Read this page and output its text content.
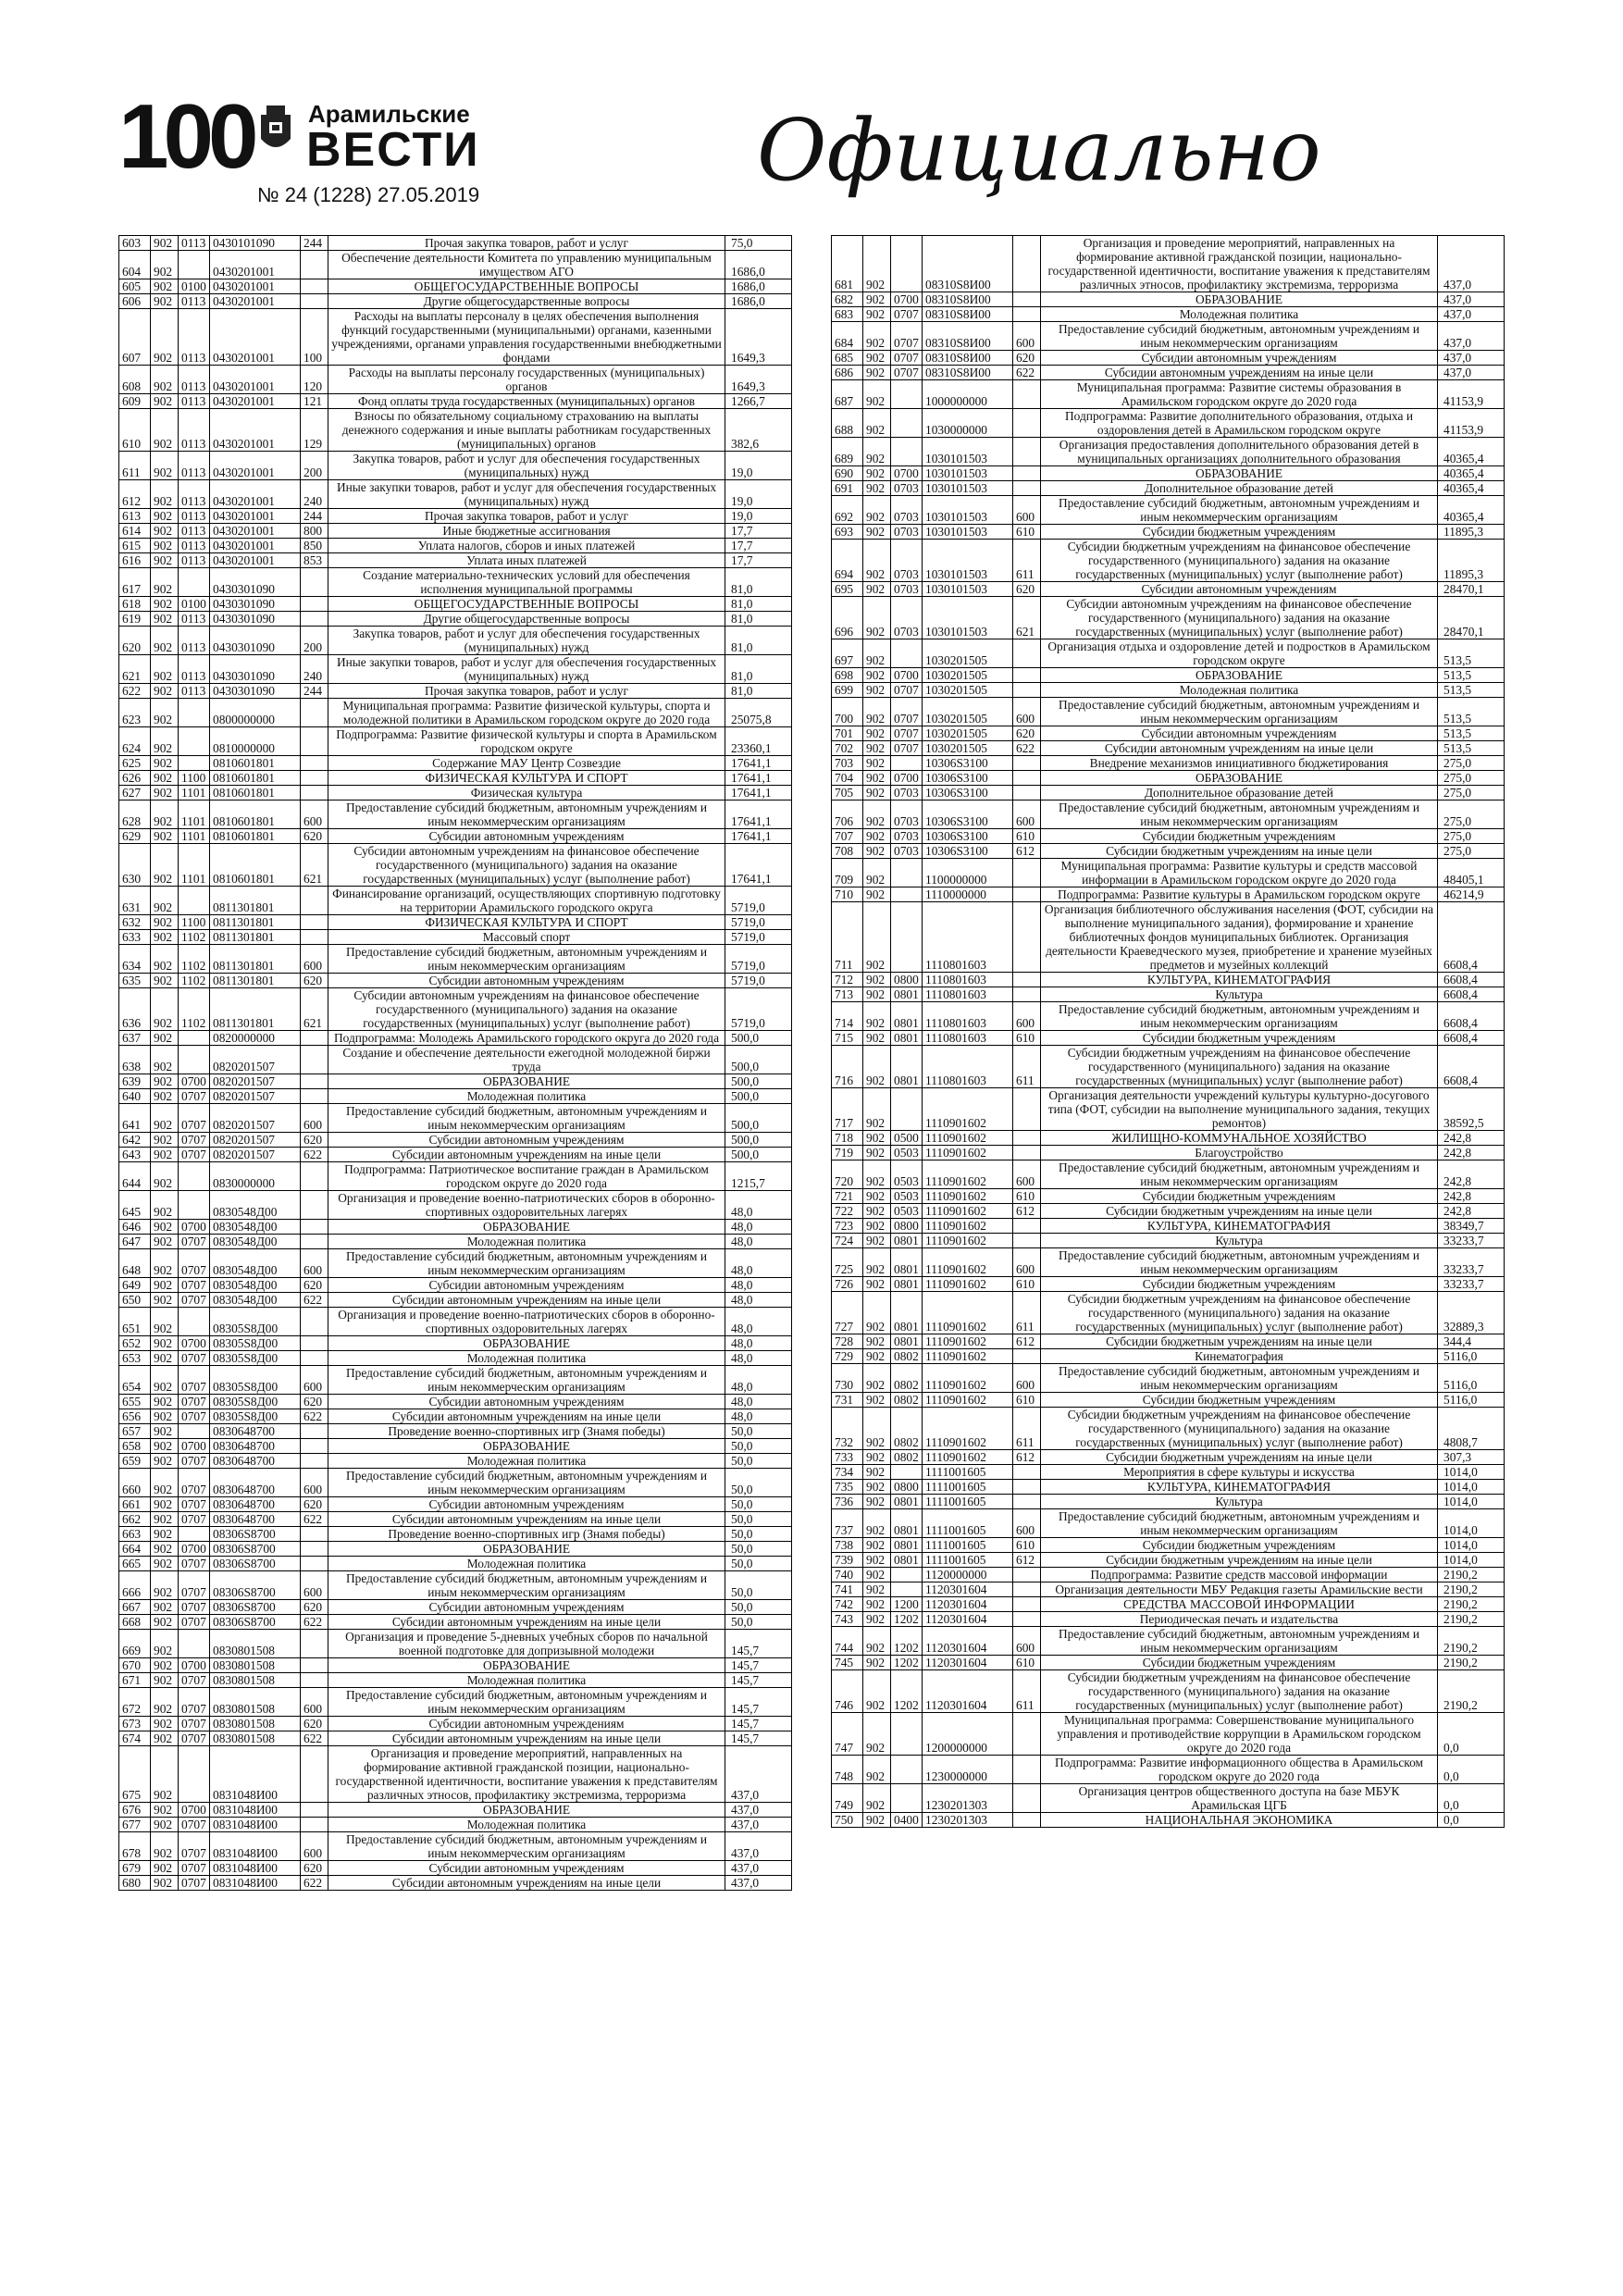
100 Арамильские
ВЕСТИ
№ 24 (1228) 27.05.2019	Официально
603	902	0113	0430101090	244	Прочая закупка товаров, работ и услуг	75,0
604	902		0430201001		Обеспечение деятельности Комитета по управлению муниципальным имуществом АГО	1686,0
605	902	0100	0430201001		ОБЩЕГОСУДАРСТВЕННЫЕ ВОПРОСЫ	1686,0
606	902	0113	0430201001		Другие общегосударственные вопросы	1686,0
607	902	0113	0430201001	100	Расходы на выплаты персоналу в целях обеспечения выполнения функций государственными (муниципальными) органами, казенными учреждениями, органами управления государственными внебюджетными фондами	1649,3
608	902	0113	0430201001	120	Расходы на выплаты персоналу государственных (муниципальных) органов	1649,3
609	902	0113	0430201001	121	Фонд оплаты труда государственных (муниципальных) органов	1266,7
610	902	0113	0430201001	129	Взносы по обязательному социальному страхованию на выплаты денежного содержания и иные выплаты работникам государственных (муниципальных) органов	382,6
611	902	0113	0430201001	200	Закупка товаров, работ и услуг для обеспечения государственных (муниципальных) нужд	19,0
612	902	0113	0430201001	240	Иные закупки товаров, работ и услуг для обеспечения государственных (муниципальных) нужд	19,0
613	902	0113	0430201001	244	Прочая закупка товаров, работ и услуг	19,0
614	902	0113	0430201001	800	Иные бюджетные ассигнования	17,7
615	902	0113	0430201001	850	Уплата налогов, сборов и иных платежей	17,7
616	902	0113	0430201001	853	Уплата иных платежей	17,7
617	902		0430301090		Создание материально-технических условий для обеспечения исполнения муниципальной программы	81,0
618	902	0100	0430301090		ОБЩЕГОСУДАРСТВЕННЫЕ ВОПРОСЫ	81,0
619	902	0113	0430301090		Другие общегосударственные вопросы	81,0
620	902	0113	0430301090	200	Закупка товаров, работ и услуг для обеспечения государственных (муниципальных) нужд	81,0
621	902	0113	0430301090	240	Иные закупки товаров, работ и услуг для обеспечения государственных (муниципальных) нужд	81,0
622	902	0113	0430301090	244	Прочая закупка товаров, работ и услуг	81,0
623	902		0800000000		Муниципальная программа: Развитие физической культуры, спорта и молодежной политики в Арамильском городском округе до 2020 года	25075,8
624	902		0810000000		Подпрограмма: Развитие физической культуры и спорта в Арамильском городском округе	23360,1
625	902		0810601801		Содержание МАУ Центр Созвездие	17641,1
626	902	1100	0810601801		ФИЗИЧЕСКАЯ КУЛЬТУРА И СПОРТ	17641,1
627	902	1101	0810601801		Физическая культура	17641,1
628	902	1101	0810601801	600	Предоставление субсидий бюджетным, автономным учреждениям и иным некоммерческим организациям	17641,1
629	902	1101	0810601801	620	Субсидии автономным учреждениям	17641,1
630	902	1101	0810601801	621	Субсидии автономным учреждениям на финансовое обеспечение государственного (муниципального) задания на оказание государственных (муниципальных) услуг (выполнение работ)	17641,1
631	902		0811301801		Финансирование организаций, осуществляющих спортивную подготовку на территории Арамильского городского округа	5719,0
632	902	1100	0811301801		ФИЗИЧЕСКАЯ КУЛЬТУРА И СПОРТ	5719,0
633	902	1102	0811301801		Массовый спорт	5719,0
634	902	1102	0811301801	600	Предоставление субсидий бюджетным, автономным учреждениям и иным некоммерческим организациям	5719,0
635	902	1102	0811301801	620	Субсидии автономным учреждениям	5719,0
636	902	1102	0811301801	621	Субсидии автономным учреждениям на финансовое обеспечение государственного (муниципального) задания на оказание государственных (муниципальных) услуг (выполнение работ)	5719,0
637	902		0820000000		Подпрограмма: Молодежь Арамильского городского округа до 2020 года	500,0
638	902		0820201507		Создание и обеспечение деятельности ежегодной молодежной биржи труда	500,0
639	902	0700	0820201507		ОБРАЗОВАНИЕ	500,0
640	902	0707	0820201507		Молодежная политика	500,0
641	902	0707	0820201507	600	Предоставление субсидий бюджетным, автономным учреждениям и иным некоммерческим организациям	500,0
642	902	0707	0820201507	620	Субсидии автономным учреждениям	500,0
643	902	0707	0820201507	622	Субсидии автономным учреждениям на иные цели	500,0
644	902		0830000000		Подпрограмма: Патриотическое воспитание граждан в Арамильском городском округе до 2020 года	1215,7
645	902		0830548Д00		Организация и проведение военно-патриотических сборов в оборонно-спортивных оздоровительных лагерях	48,0
646	902	0700	0830548Д00		ОБРАЗОВАНИЕ	48,0
647	902	0707	0830548Д00		Молодежная политика	48,0
648	902	0707	0830548Д00	600	Предоставление субсидий бюджетным, автономным учреждениям и иным некоммерческим организациям	48,0
649	902	0707	0830548Д00	620	Субсидии автономным учреждениям	48,0
650	902	0707	0830548Д00	622	Субсидии автономным учреждениям на иные цели	48,0
651	902		08305S8Д00		Организация и проведение военно-патриотических сборов в оборонно-спортивных оздоровительных лагерях	48,0
652	902	0700	08305S8Д00		ОБРАЗОВАНИЕ	48,0
653	902	0707	08305S8Д00		Молодежная политика	48,0
654	902	0707	08305S8Д00	600	Предоставление субсидий бюджетным, автономным учреждениям и иным некоммерческим организациям	48,0
655	902	0707	08305S8Д00	620	Субсидии автономным учреждениям	48,0
656	902	0707	08305S8Д00	622	Субсидии автономным учреждениям на иные цели	48,0
657	902		0830648700		Проведение военно-спортивных игр (Знамя победы)	50,0
658	902	0700	0830648700		ОБРАЗОВАНИЕ	50,0
659	902	0707	0830648700		Молодежная политика	50,0
660	902	0707	0830648700	600	Предоставление субсидий бюджетным, автономным учреждениям и иным некоммерческим организациям	50,0
661	902	0707	0830648700	620	Субсидии автономным учреждениям	50,0
662	902	0707	0830648700	622	Субсидии автономным учреждениям на иные цели	50,0
663	902		08306S8700		Проведение военно-спортивных игр (Знамя победы)	50,0
664	902	0700	08306S8700		ОБРАЗОВАНИЕ	50,0
665	902	0707	08306S8700		Молодежная политика	50,0
666	902	0707	08306S8700	600	Предоставление субсидий бюджетным, автономным учреждениям и иным некоммерческим организациям	50,0
667	902	0707	08306S8700	620	Субсидии автономным учреждениям	50,0
668	902	0707	08306S8700	622	Субсидии автономным учреждениям на иные цели	50,0
669	902		0830801508		Организация и проведение 5-дневных учебных сборов по начальной военной подготовке для допризывной молодежи	145,7
670	902	0700	0830801508		ОБРАЗОВАНИЕ	145,7
671	902	0707	0830801508		Молодежная политика	145,7
672	902	0707	0830801508	600	Предоставление субсидий бюджетным, автономным учреждениям и иным некоммерческим организациям	145,7
673	902	0707	0830801508	620	Субсидии автономным учреждениям	145,7
674	902	0707	0830801508	622	Субсидии автономным учреждениям на иные цели	145,7
675	902		0831048И00		Организация и проведение мероприятий, направленных на формирование активной гражданской позиции, национально-государственной идентичности, воспитание уважения к представителям различных этносов, профилактику экстремизма, терроризма	437,0
676	902	0700	0831048И00		ОБРАЗОВАНИЕ	437,0
677	902	0707	0831048И00		Молодежная политика	437,0
678	902	0707	0831048И00	600	Предоставление субсидий бюджетным, автономным учреждениям и иным некоммерческим организациям	437,0
679	902	0707	0831048И00	620	Субсидии автономным учреждениям	437,0
680	902	0707	0831048И00	622	Субсидии автономным учреждениям на иные цели	437,0
681	902		08310S8И00		Организация и проведение мероприятий, направленных на формирование активной гражданской позиции, национально-государственной идентичности, воспитание уважения к представителям различных этносов, профилактику экстремизма, терроризма	437,0
682	902	0700	08310S8И00		ОБРАЗОВАНИЕ	437,0
683	902	0707	08310S8И00		Молодежная политика	437,0
684	902	0707	08310S8И00	600	Предоставление субсидий бюджетным, автономным учреждениям и иным некоммерческим организациям	437,0
685	902	0707	08310S8И00	620	Субсидии автономным учреждениям	437,0
686	902	0707	08310S8И00	622	Субсидии автономным учреждениям на иные цели	437,0
687	902		1000000000		Муниципальная программа: Развитие системы образования в Арамильском городском округе до 2020 года	41153,9
688	902		1030000000		Подпрограмма: Развитие дополнительного образования, отдыха и оздоровления детей в Арамильском городском округе	41153,9
689	902		1030101503		Организация предоставления дополнительного образования детей в муниципальных организациях дополнительного образования	40365,4
690	902	0700	1030101503		ОБРАЗОВАНИЕ	40365,4
691	902	0703	1030101503		Дополнительное образование детей	40365,4
692	902	0703	1030101503	600	Предоставление субсидий бюджетным, автономным учреждениям и иным некоммерческим организациям	40365,4
693	902	0703	1030101503	610	Субсидии бюджетным учреждениям	11895,3
694	902	0703	1030101503	611	Субсидии бюджетным учреждениям на финансовое обеспечение государственного (муниципального) задания на оказание государственных (муниципальных) услуг (выполнение работ)	11895,3
695	902	0703	1030101503	620	Субсидии автономным учреждениям	28470,1
696	902	0703	1030101503	621	Субсидии автономным учреждениям на финансовое обеспечение государственного (муниципального) задания на оказание государственных (муниципальных) услуг (выполнение работ)	28470,1
697	902		1030201505		Организация отдыха и оздоровление детей и подростков в Арамильском городском округе	513,5
698	902	0700	1030201505		ОБРАЗОВАНИЕ	513,5
699	902	0707	1030201505		Молодежная политика	513,5
700	902	0707	1030201505	600	Предоставление субсидий бюджетным, автономным учреждениям и иным некоммерческим организациям	513,5
701	902	0707	1030201505	620	Субсидии автономным учреждениям	513,5
702	902	0707	1030201505	622	Субсидии автономным учреждениям на иные цели	513,5
703	902		10306S3100		Внедрение механизмов инициативного бюджетирования	275,0
704	902	0700	10306S3100		ОБРАЗОВАНИЕ	275,0
705	902	0703	10306S3100		Дополнительное образование детей	275,0
706	902	0703	10306S3100	600	Предоставление субсидий бюджетным, автономным учреждениям и иным некоммерческим организациям	275,0
707	902	0703	10306S3100	610	Субсидии бюджетным учреждениям	275,0
708	902	0703	10306S3100	612	Субсидии бюджетным учреждениям на иные цели	275,0
709	902		1100000000		Муниципальная программа: Развитие культуры и средств массовой информации в Арамильском городском округе до 2020 года	48405,1
710	902		1110000000		Подпрограмма: Развитие культуры в Арамильском городском округе	46214,9
711	902		1110801603		Организация библиотечного обслуживания населения (ФОТ, субсидии на выполнение муниципального задания), формирование и хранение библиотечных фондов муниципальных библиотек. Организация деятельности Краеведческого музея, приобретение и хранение музейных предметов и музейных коллекций	6608,4
712	902	0800	1110801603		КУЛЬТУРА, КИНЕМАТОГРАФИЯ	6608,4
713	902	0801	1110801603		Культура	6608,4
714	902	0801	1110801603	600	Предоставление субсидий бюджетным, автономным учреждениям и иным некоммерческим организациям	6608,4
715	902	0801	1110801603	610	Субсидии бюджетным учреждениям	6608,4
716	902	0801	1110801603	611	Субсидии бюджетным учреждениям на финансовое обеспечение государственного (муниципального) задания на оказание государственных (муниципальных) услуг (выполнение работ)	6608,4
717	902		1110901602		Организация деятельности учреждений культуры культурно-досугового типа (ФОТ, субсидии на выполнение муниципального задания, текущих ремонтов)	38592,5
718	902	0500	1110901602		ЖИЛИЩНО-КОММУНАЛЬНОЕ ХОЗЯЙСТВО	242,8
719	902	0503	1110901602		Благоустройство	242,8
720	902	0503	1110901602	600	Предоставление субсидий бюджетным, автономным учреждениям и иным некоммерческим организациям	242,8
721	902	0503	1110901602	610	Субсидии бюджетным учреждениям	242,8
722	902	0503	1110901602	612	Субсидии бюджетным учреждениям на иные цели	242,8
723	902	0800	1110901602		КУЛЬТУРА, КИНЕМАТОГРАФИЯ	38349,7
724	902	0801	1110901602		Культура	33233,7
725	902	0801	1110901602	600	Предоставление субсидий бюджетным, автономным учреждениям и иным некоммерческим организациям	33233,7
726	902	0801	1110901602	610	Субсидии бюджетным учреждениям	33233,7
727	902	0801	1110901602	611	Субсидии бюджетным учреждениям на финансовое обеспечение государственного (муниципального) задания на оказание государственных (муниципальных) услуг (выполнение работ)	32889,3
728	902	0801	1110901602	612	Субсидии бюджетным учреждениям на иные цели	344,4
729	902	0802	1110901602		Кинематография	5116,0
730	902	0802	1110901602	600	Предоставление субсидий бюджетным, автономным учреждениям и иным некоммерческим организациям	5116,0
731	902	0802	1110901602	610	Субсидии бюджетным учреждениям	5116,0
732	902	0802	1110901602	611	Субсидии бюджетным учреждениям на финансовое обеспечение государственного (муниципального) задания на оказание государственных (муниципальных) услуг (выполнение работ)	4808,7
733	902	0802	1110901602	612	Субсидии бюджетным учреждениям на иные цели	307,3
734	902		1111001605		Мероприятия в сфере культуры и искусства	1014,0
735	902	0800	1111001605		КУЛЬТУРА, КИНЕМАТОГРАФИЯ	1014,0
736	902	0801	1111001605		Культура	1014,0
737	902	0801	1111001605	600	Предоставление субсидий бюджетным, автономным учреждениям и иным некоммерческим организациям	1014,0
738	902	0801	1111001605	610	Субсидии бюджетным учреждениям	1014,0
739	902	0801	1111001605	612	Субсидии бюджетным учреждениям на иные цели	1014,0
740	902		1120000000		Подпрограмма: Развитие средств массовой информации	2190,2
741	902		1120301604		Организация деятельности МБУ Редакция газеты Арамильские вести	2190,2
742	902	1200	1120301604		СРЕДСТВА МАССОВОЙ ИНФОРМАЦИИ	2190,2
743	902	1202	1120301604		Периодическая печать и издательства	2190,2
744	902	1202	1120301604	600	Предоставление субсидий бюджетным, автономным учреждениям и иным некоммерческим организациям	2190,2
745	902	1202	1120301604	610	Субсидии бюджетным учреждениям	2190,2
746	902	1202	1120301604	611	Субсидии бюджетным учреждениям на финансовое обеспечение государственного (муниципального) задания на оказание государственных (муниципальных) услуг (выполнение работ)	2190,2
747	902		1200000000		Муниципальная программа: Совершенствование муниципального управления и противодействие коррупции в Арамильском городском округе до 2020 года	0,0
748	902		1230000000		Подпрограмма: Развитие информационного общества в Арамильском городском округе до 2020 года	0,0
749	902		1230201303		Организация центров общественного доступа на базе МБУК Арамильская ЦГБ	0,0
750	902	0400	1230201303		НАЦИОНАЛЬНАЯ ЭКОНОМИКА	0,0
